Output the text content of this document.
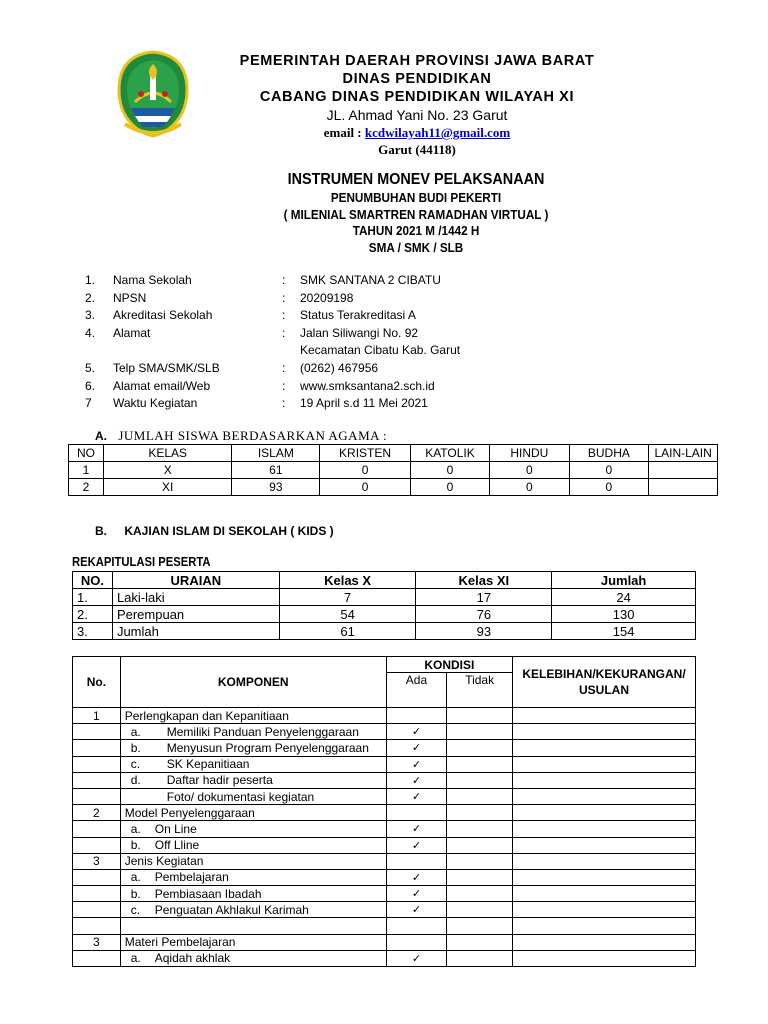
PEMERINTAH DAERAH PROVINSI JAWA BARAT
DINAS PENDIDIKAN
CABANG DINAS PENDIDIKAN WILAYAH XI
JL. Ahmad Yani No. 23 Garut
email : kcdwilayah11@gmail.com
Garut (44118)
INSTRUMEN MONEV PELAKSANAAN
PENUMBUHAN BUDI PEKERTI
( MILENIAL SMARTREN RAMADHAN VIRTUAL )
TAHUN 2021 M /1442 H
SMA / SMK / SLB
1. Nama Sekolah	: SMK SANTANA 2 CIBATU
2. NPSN	: 20209198
3. Akreditasi Sekolah	: Status Terakreditasi A
4. Alamat	: Jalan Siliwangi No. 92
Kecamatan Cibatu Kab. Garut
5. Telp SMA/SMK/SLB	: (0262) 467956
6. Alamat email/Web	: www.smksantana2.sch.id
7 Waktu Kegiatan	: 19 April s.d 11 Mei 2021
A. JUMLAH SISWA BERDASARKAN AGAMA :
NO	KELAS	ISLAM	KRISTEN	KATOLIK	HINDU	BUDHA	LAIN-LAIN
1	X	61	0	0	0	0	
2	XI	93	0	0	0	0	
B. KAJIAN ISLAM DI SEKOLAH ( KIDS )
REKAPITULASI PESERTA
NO.	URAIAN	Kelas X	Kelas XI	Jumlah
1.	Laki-laki	7	17	24
2.	Perempuan	54	76	130
3.	Jumlah	61	93	154
No.	KOMPONEN	KONDISI		KELEBIHAN/KEKURANGAN/ USULAN
		Ada	Tidak	
1	Perlengkapan dan Kepanitiaan			
	a. Memiliki Panduan Penyelenggaraan	✓		
	b. Menyusun Program Penyelenggaraan	✓		
	c. SK Kepanitiaan	✓		
	d. Daftar hadir peserta	✓		
	Foto/ dokumentasi kegiatan	✓		
2	Model Penyelenggaraan			
	a. On Line	✓		
	b. Off Lline	✓		
3	Jenis Kegiatan			
	a. Pembelajaran	✓		
	b. Pembiasaan Ibadah	✓		
	c. Penguatan Akhlakul Karimah	✓		

3	Materi Pembelajaran			
	a. Aqidah akhlak	✓		
